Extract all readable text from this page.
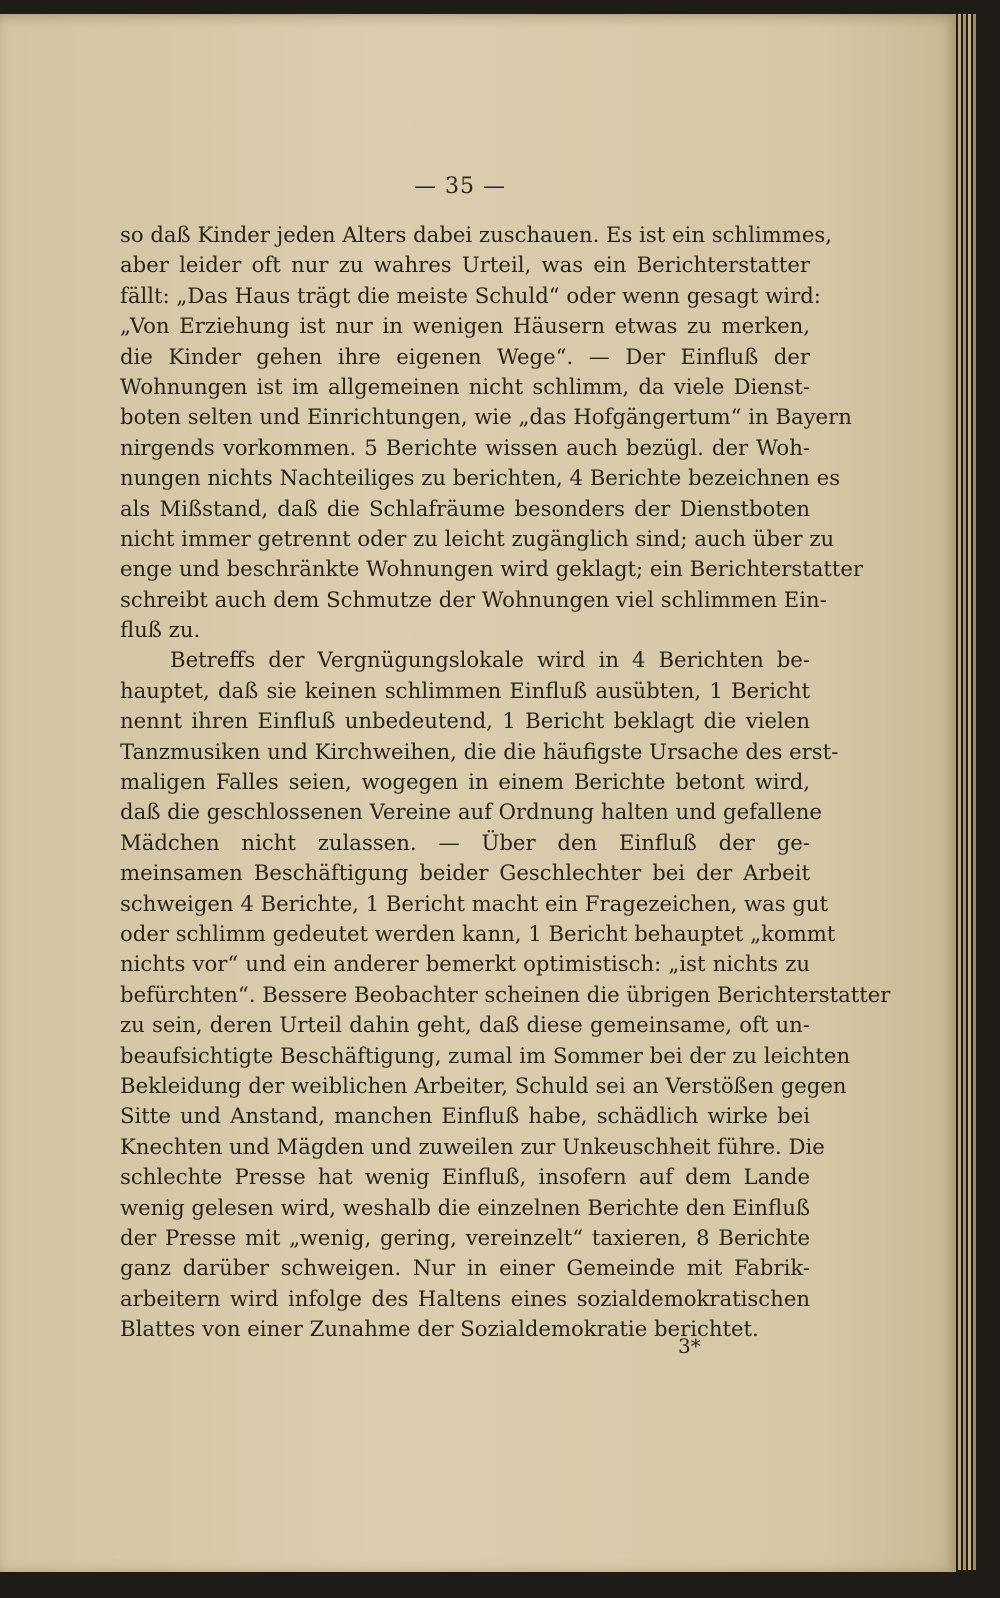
— 35 —
so daß Kinder jeden Alters dabei zuschauen. Es ist ein schlimmes,
aber leider oft nur zu wahres Urteil, was ein Berichterstatter
fällt: „Das Haus trägt die meiste Schuld“ oder wenn gesagt wird:
„Von Erziehung ist nur in wenigen Häusern etwas zu merken,
die Kinder gehen ihre eigenen Wege“. — Der Einfluß der
Wohnungen ist im allgemeinen nicht schlimm, da viele Dienst-
boten selten und Einrichtungen, wie „das Hofgängertum“ in Bayern
nirgends vorkommen. 5 Berichte wissen auch bezügl. der Woh-
nungen nichts Nachteiliges zu berichten, 4 Berichte bezeichnen es
als Mißstand, daß die Schlafräume besonders der Dienstboten
nicht immer getrennt oder zu leicht zugänglich sind; auch über zu
enge und beschränkte Wohnungen wird geklagt; ein Berichterstatter
schreibt auch dem Schmutze der Wohnungen viel schlimmen Ein-
fluß zu.
Betreffs der Vergnügungslokale wird in 4 Berichten be-
hauptet, daß sie keinen schlimmen Einfluß ausübten, 1 Bericht
nennt ihren Einfluß unbedeutend, 1 Bericht beklagt die vielen
Tanzmusiken und Kirchweihen, die die häufigste Ursache des erst-
maligen Falles seien, wogegen in einem Berichte betont wird,
daß die geschlossenen Vereine auf Ordnung halten und gefallene
Mädchen nicht zulassen. — Über den Einfluß der ge-
meinsamen Beschäftigung beider Geschlechter bei der Arbeit
schweigen 4 Berichte, 1 Bericht macht ein Fragezeichen, was gut
oder schlimm gedeutet werden kann, 1 Bericht behauptet „kommt
nichts vor“ und ein anderer bemerkt optimistisch: „ist nichts zu
befürchten“. Bessere Beobachter scheinen die übrigen Berichterstatter
zu sein, deren Urteil dahin geht, daß diese gemeinsame, oft un-
beaufsichtigte Beschäftigung, zumal im Sommer bei der zu leichten
Bekleidung der weiblichen Arbeiter, Schuld sei an Verstößen gegen
Sitte und Anstand, manchen Einfluß habe, schädlich wirke bei
Knechten und Mägden und zuweilen zur Unkeuschheit führe. Die
schlechte Presse hat wenig Einfluß, insofern auf dem Lande
wenig gelesen wird, weshalb die einzelnen Berichte den Einfluß
der Presse mit „wenig, gering, vereinzelt“ taxieren, 8 Berichte
ganz darüber schweigen. Nur in einer Gemeinde mit Fabrik-
arbeitern wird infolge des Haltens eines sozialdemokratischen
Blattes von einer Zunahme der Sozialdemokratie berichtet.
3*
